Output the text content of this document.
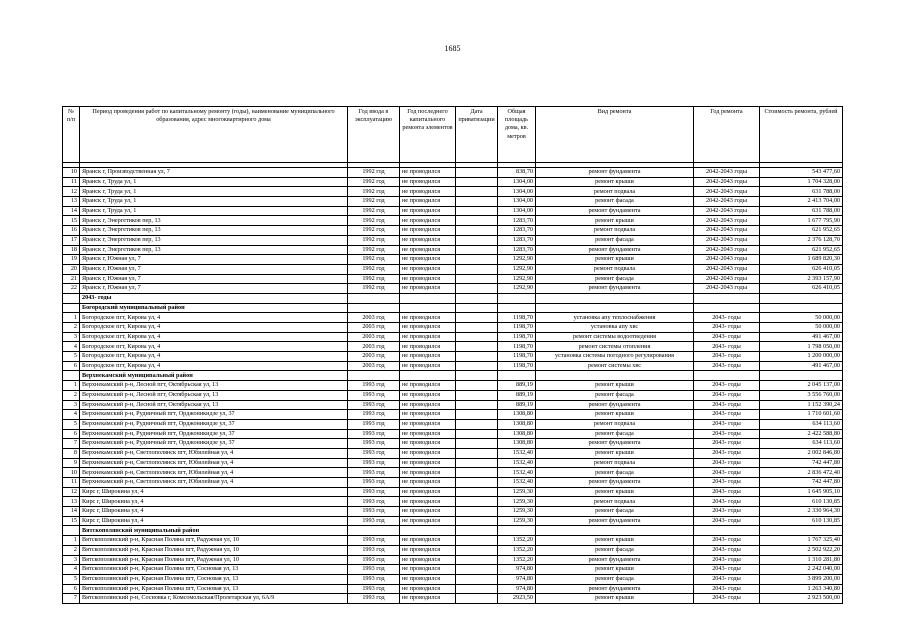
1685
№ п/п	Период проведения работ по капитальному ремонту (годы), наименование муниципального образования, адрес многоквартирного дома	Год ввода в эксплуатацию	Год последнего капитального ремонта элементов	Дата приватизации	Общая площадь дома, кв. метров	Вид ремонта	Год ремонта	Стоимость ремонта, рублей

10	Яранск г, Производственная ул, 7	1992 год	не проводился		838,70	ремонт фундамента	2042-2043 годы	543 477,60
11	Яранск г, Труда ул, 1	1992 год	не проводился		1304,00	ремонт крыши	2042-2043 годы	1 704 328,00
12	Яранск г, Труда ул, 1	1992 год	не проводился		1304,00	ремонт подвала	2042-2043 годы	631 788,00
13	Яранск г, Труда ул, 1	1992 год	не проводился		1304,00	ремонт фасада	2042-2043 годы	2 413 704,00
14	Яранск г, Труда ул, 1	1992 год	не проводился		1304,00	ремонт фундамента	2042-2043 годы	631 788,00
15	Яранск г, Энергетиков пер, 13	1992 год	не проводился		1283,70	ремонт крыши	2042-2043 годы	1 677 795,90
16	Яранск г, Энергетиков пер, 13	1992 год	не проводился		1283,70	ремонт подвала	2042-2043 годы	621 952,65
17	Яранск г, Энергетиков пер, 13	1992 год	не проводился		1283,70	ремонт фасада	2042-2043 годы	2 376 128,70
18	Яранск г, Энергетиков пер, 13	1992 год	не проводился		1283,70	ремонт фундамента	2042-2043 годы	621 952,65
19	Яранск г, Южная ул, 7	1992 год	не проводился		1292,90	ремонт крыши	2042-2043 годы	1 689 820,30
20	Яранск г, Южная ул, 7	1992 год	не проводился		1292,90	ремонт подвала	2042-2043 годы	626 410,05
21	Яранск г, Южная ул, 7	1992 год	не проводился		1292,90	ремонт фасада	2042-2043 годы	2 393 157,90
22	Яранск г, Южная ул, 7	1992 год	не проводился		1292,90	ремонт фундамента	2042-2043 годы	626 410,05
	2043- годы							
	Богородский муниципальный район							
1	Богородское пгт, Кирова ул, 4	2003 год	не проводился		1198,70	установка апу теплоснабжения	2043- годы	50 000,00
2	Богородское пгт, Кирова ул, 4	2003 год	не проводился		1198,70	установка апу хвс	2043- годы	50 000,00
3	Богородское пгт, Кирова ул, 4	2003 год	не проводился		1198,70	ремонт системы водоотведения	2043- годы	491 467,00
4	Богородское пгт, Кирова ул, 4	2003 год	не проводился		1198,70	ремонт системы отопления	2043- годы	1 798 050,00
5	Богородское пгт, Кирова ул, 4	2003 год	не проводился		1198,70	установка системы погодного регулирования	2043- годы	1 200 000,00
6	Богородское пгт, Кирова ул, 4	2003 год	не проводился		1198,70	ремонт системы хвс	2043- годы	491 467,00
	Верхнекамский муниципальный район							
1	Верхнекамский р-н, Лесной пгт, Октябрьская ул, 13	1993 год	не проводился		889,19	ремонт крыши	2043- годы	2 045 137,00
2	Верхнекамский р-н, Лесной пгт, Октябрьская ул, 13	1993 год	не проводился		889,19	ремонт фасада	2043- годы	3 556 760,00
3	Верхнекамский р-н, Лесной пгт, Октябрьская ул, 13	1993 год	не проводился		889,19	ремонт фундамента	2043- годы	1 152 390,24
4	Верхнекамский р-н, Рудничный пгт, Орджоникидзе ул, 37	1993 год	не проводился		1308,80	ремонт крыши	2043- годы	1 710 601,60
5	Верхнекамский р-н, Рудничный пгт, Орджоникидзе ул, 37	1993 год	не проводился		1308,80	ремонт подвала	2043- годы	634 113,60
6	Верхнекамский р-н, Рудничный пгт, Орджоникидзе ул, 37	1993 год	не проводился		1308,80	ремонт фасада	2043- годы	2 422 588,80
7	Верхнекамский р-н, Рудничный пгт, Орджоникидзе ул, 37	1993 год	не проводился		1308,80	ремонт фундамента	2043- годы	634 113,60
8	Верхнекамский р-н, Светлополянск пгт, Юбилейная ул, 4	1993 год	не проводился		1532,40	ремонт крыши	2043- годы	2 002 846,80
9	Верхнекамский р-н, Светлополянск пгт, Юбилейная ул, 4	1993 год	не проводился		1532,40	ремонт подвала	2043- годы	742 447,80
10	Верхнекамский р-н, Светлополянск пгт, Юбилейная ул, 4	1993 год	не проводился		1532,40	ремонт фасада	2043- годы	2 836 472,40
11	Верхнекамский р-н, Светлополянск пгт, Юбилейная ул, 4	1993 год	не проводился		1532,40	ремонт фундамента	2043- годы	742 447,80
12	Кирс г, Широкина ул, 4	1993 год	не проводился		1259,30	ремонт крыши	2043- годы	1 645 905,10
13	Кирс г, Широкина ул, 4	1993 год	не проводился		1259,30	ремонт подвала	2043- годы	610 130,85
14	Кирс г, Широкина ул, 4	1993 год	не проводился		1259,30	ремонт фасада	2043- годы	2 330 964,30
15	Кирс г, Широкина ул, 4	1993 год	не проводился		1259,30	ремонт фундамента	2043- годы	610 130,85
	Вятскополянский муниципальный район							
1	Вятскополянский р-н, Красная Поляна пгт, Радужная ул, 10	1993 год	не проводился		1352,20	ремонт крыши	2043- годы	1 767 325,40
2	Вятскополянский р-н, Красная Поляна пгт, Радужная ул, 10	1993 год	не проводился		1352,20	ремонт фасада	2043- годы	2 502 922,20
3	Вятскополянский р-н, Красная Поляна пгт, Радужная ул, 10	1993 год	не проводился		1352,20	ремонт фундамента	2043- годы	1 310 281,80
4	Вятскополянский р-н, Красная Поляна пгт, Сосновая ул, 13	1993 год	не проводился		974,80	ремонт крыши	2043- годы	2 242 040,00
5	Вятскополянский р-н, Красная Поляна пгт, Сосновая ул, 13	1993 год	не проводился		974,80	ремонт фасада	2043- годы	3 899 200,00
6	Вятскополянский р-н, Красная Поляна пгт, Сосновая ул, 13	1993 год	не проводился		974,80	ремонт фундамента	2043- годы	1 263 340,80
7	Вятскополянский р-н, Сосновка г, Комсомольская/Пролетарская ул, 6А/9	1993 год	не проводился		2923,50	ремонт крыши	2043- годы	2 923 500,00
